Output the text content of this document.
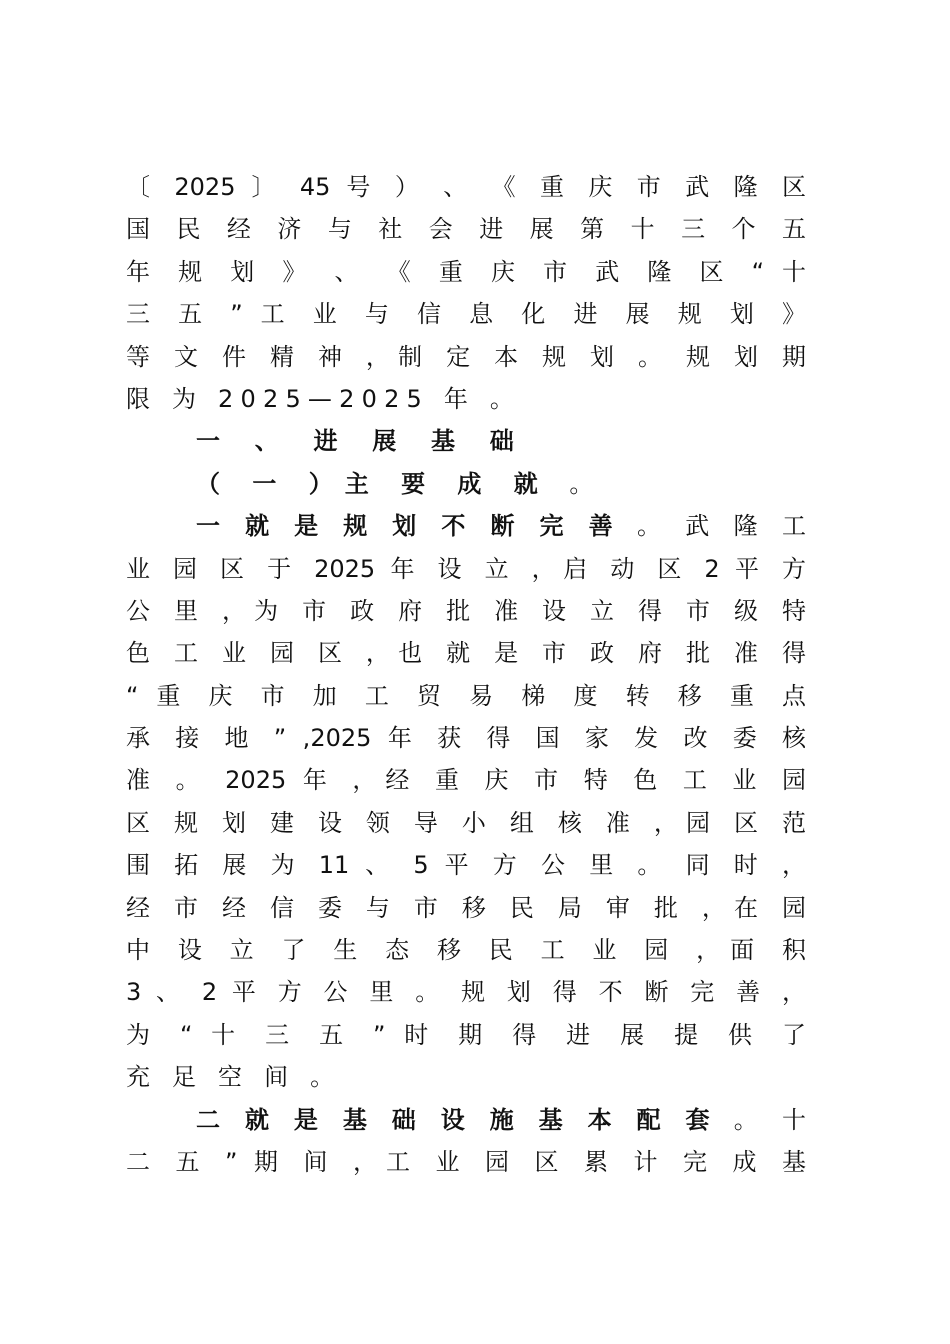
〔 2025 〕 45 号 ） 、 《 重 庆 市 武 隆 区
国 民 经 济 与 社 会 进 展 第 十 三 个 五
年 规 划 》 、 《 重 庆 市 武 隆 区 “ 十
三 五 ” 工 业 与 信 息 化 进 展 规 划 》
等 文 件 精 神 ，制 定 本 规 划 。 规 划 期
限 为 2025—2025 年 。
一 、 进 展 基 础
（ 一 ）主 要 成 就 。
一 就 是 规 划 不 断 完 善 。 武 隆 工
业 园 区 于 2025 年 设 立 ，启 动 区 2 平 方
公 里 ，为 市 政 府 批 准 设 立 得 市 级 特
色 工 业 园 区 ，也 就 是 市 政 府 批 准 得
“ 重 庆 市 加 工 贸 易 梯 度 转 移 重 点
承 接 地 ” ,2025 年 获 得 国 家 发 改 委 核
准 。 2025 年 ，经 重 庆 市 特 色 工 业 园
区 规 划 建 设 领 导 小 组 核 准 ，园 区 范
围 拓 展 为 11 、 5 平 方 公 里 。 同 时 ，
经 市 经 信 委 与 市 移 民 局 审 批 ，在 园
中 设 立 了 生 态 移 民 工 业 园 ，面 积
3 、 2 平 方 公 里 。 规 划 得 不 断 完 善 ，
为 “ 十 三 五 ” 时 期 得 进 展 提 供 了
充 足 空 间 。
二 就 是 基 础 设 施 基 本 配 套 。 十
二 五 ” 期 间 ，工 业 园 区 累 计 完 成 基
